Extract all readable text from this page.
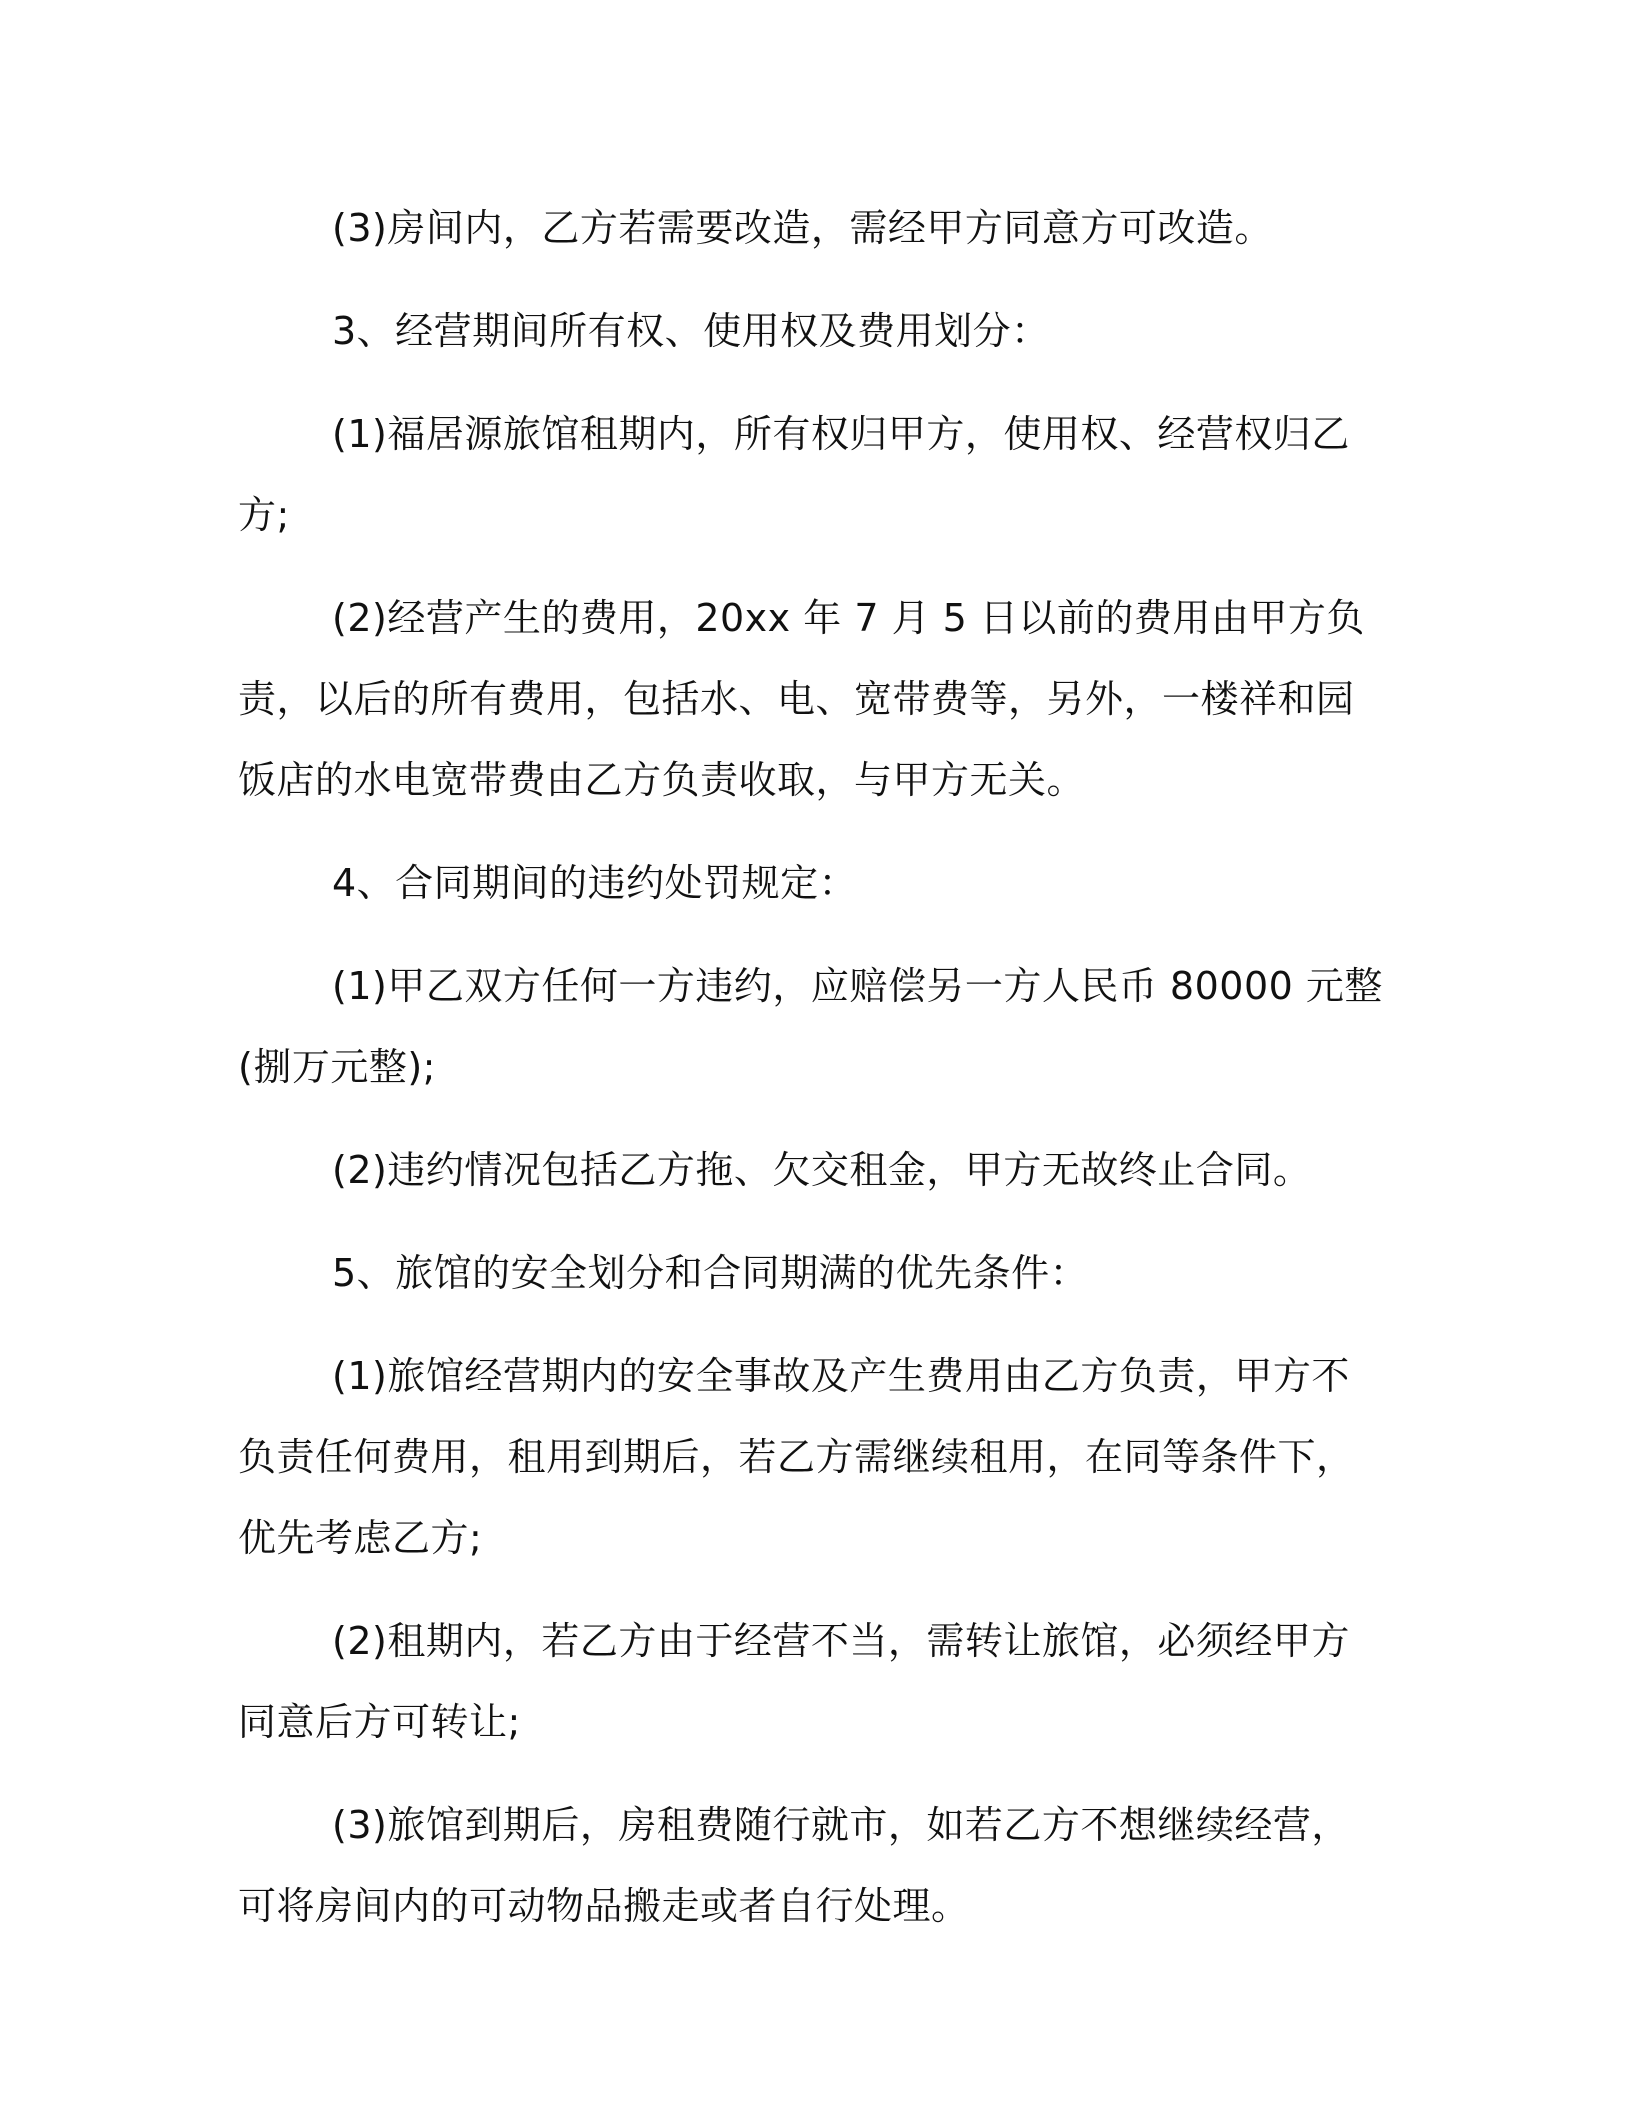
(3)房间内，乙方若需要改造，需经甲方同意方可改造。

3、经营期间所有权、使用权及费用划分：

(1)福居源旅馆租期内，所有权归甲方，使用权、经营权归乙方;

(2)经营产生的费用，20xx 年 7 月 5 日以前的费用由甲方负责，以后的所有费用，包括水、电、宽带费等，另外，一楼祥和园饭店的水电宽带费由乙方负责收取，与甲方无关。

4、合同期间的违约处罚规定：

(1)甲乙双方任何一方违约，应赔偿另一方人民币 80000 元整(捌万元整);

(2)违约情况包括乙方拖、欠交租金，甲方无故终止合同。

5、旅馆的安全划分和合同期满的优先条件：

(1)旅馆经营期内的安全事故及产生费用由乙方负责，甲方不负责任何费用，租用到期后，若乙方需继续租用，在同等条件下，优先考虑乙方;

(2)租期内，若乙方由于经营不当，需转让旅馆，必须经甲方同意后方可转让;

(3)旅馆到期后，房租费随行就市，如若乙方不想继续经营，可将房间内的可动物品搬走或者自行处理。
